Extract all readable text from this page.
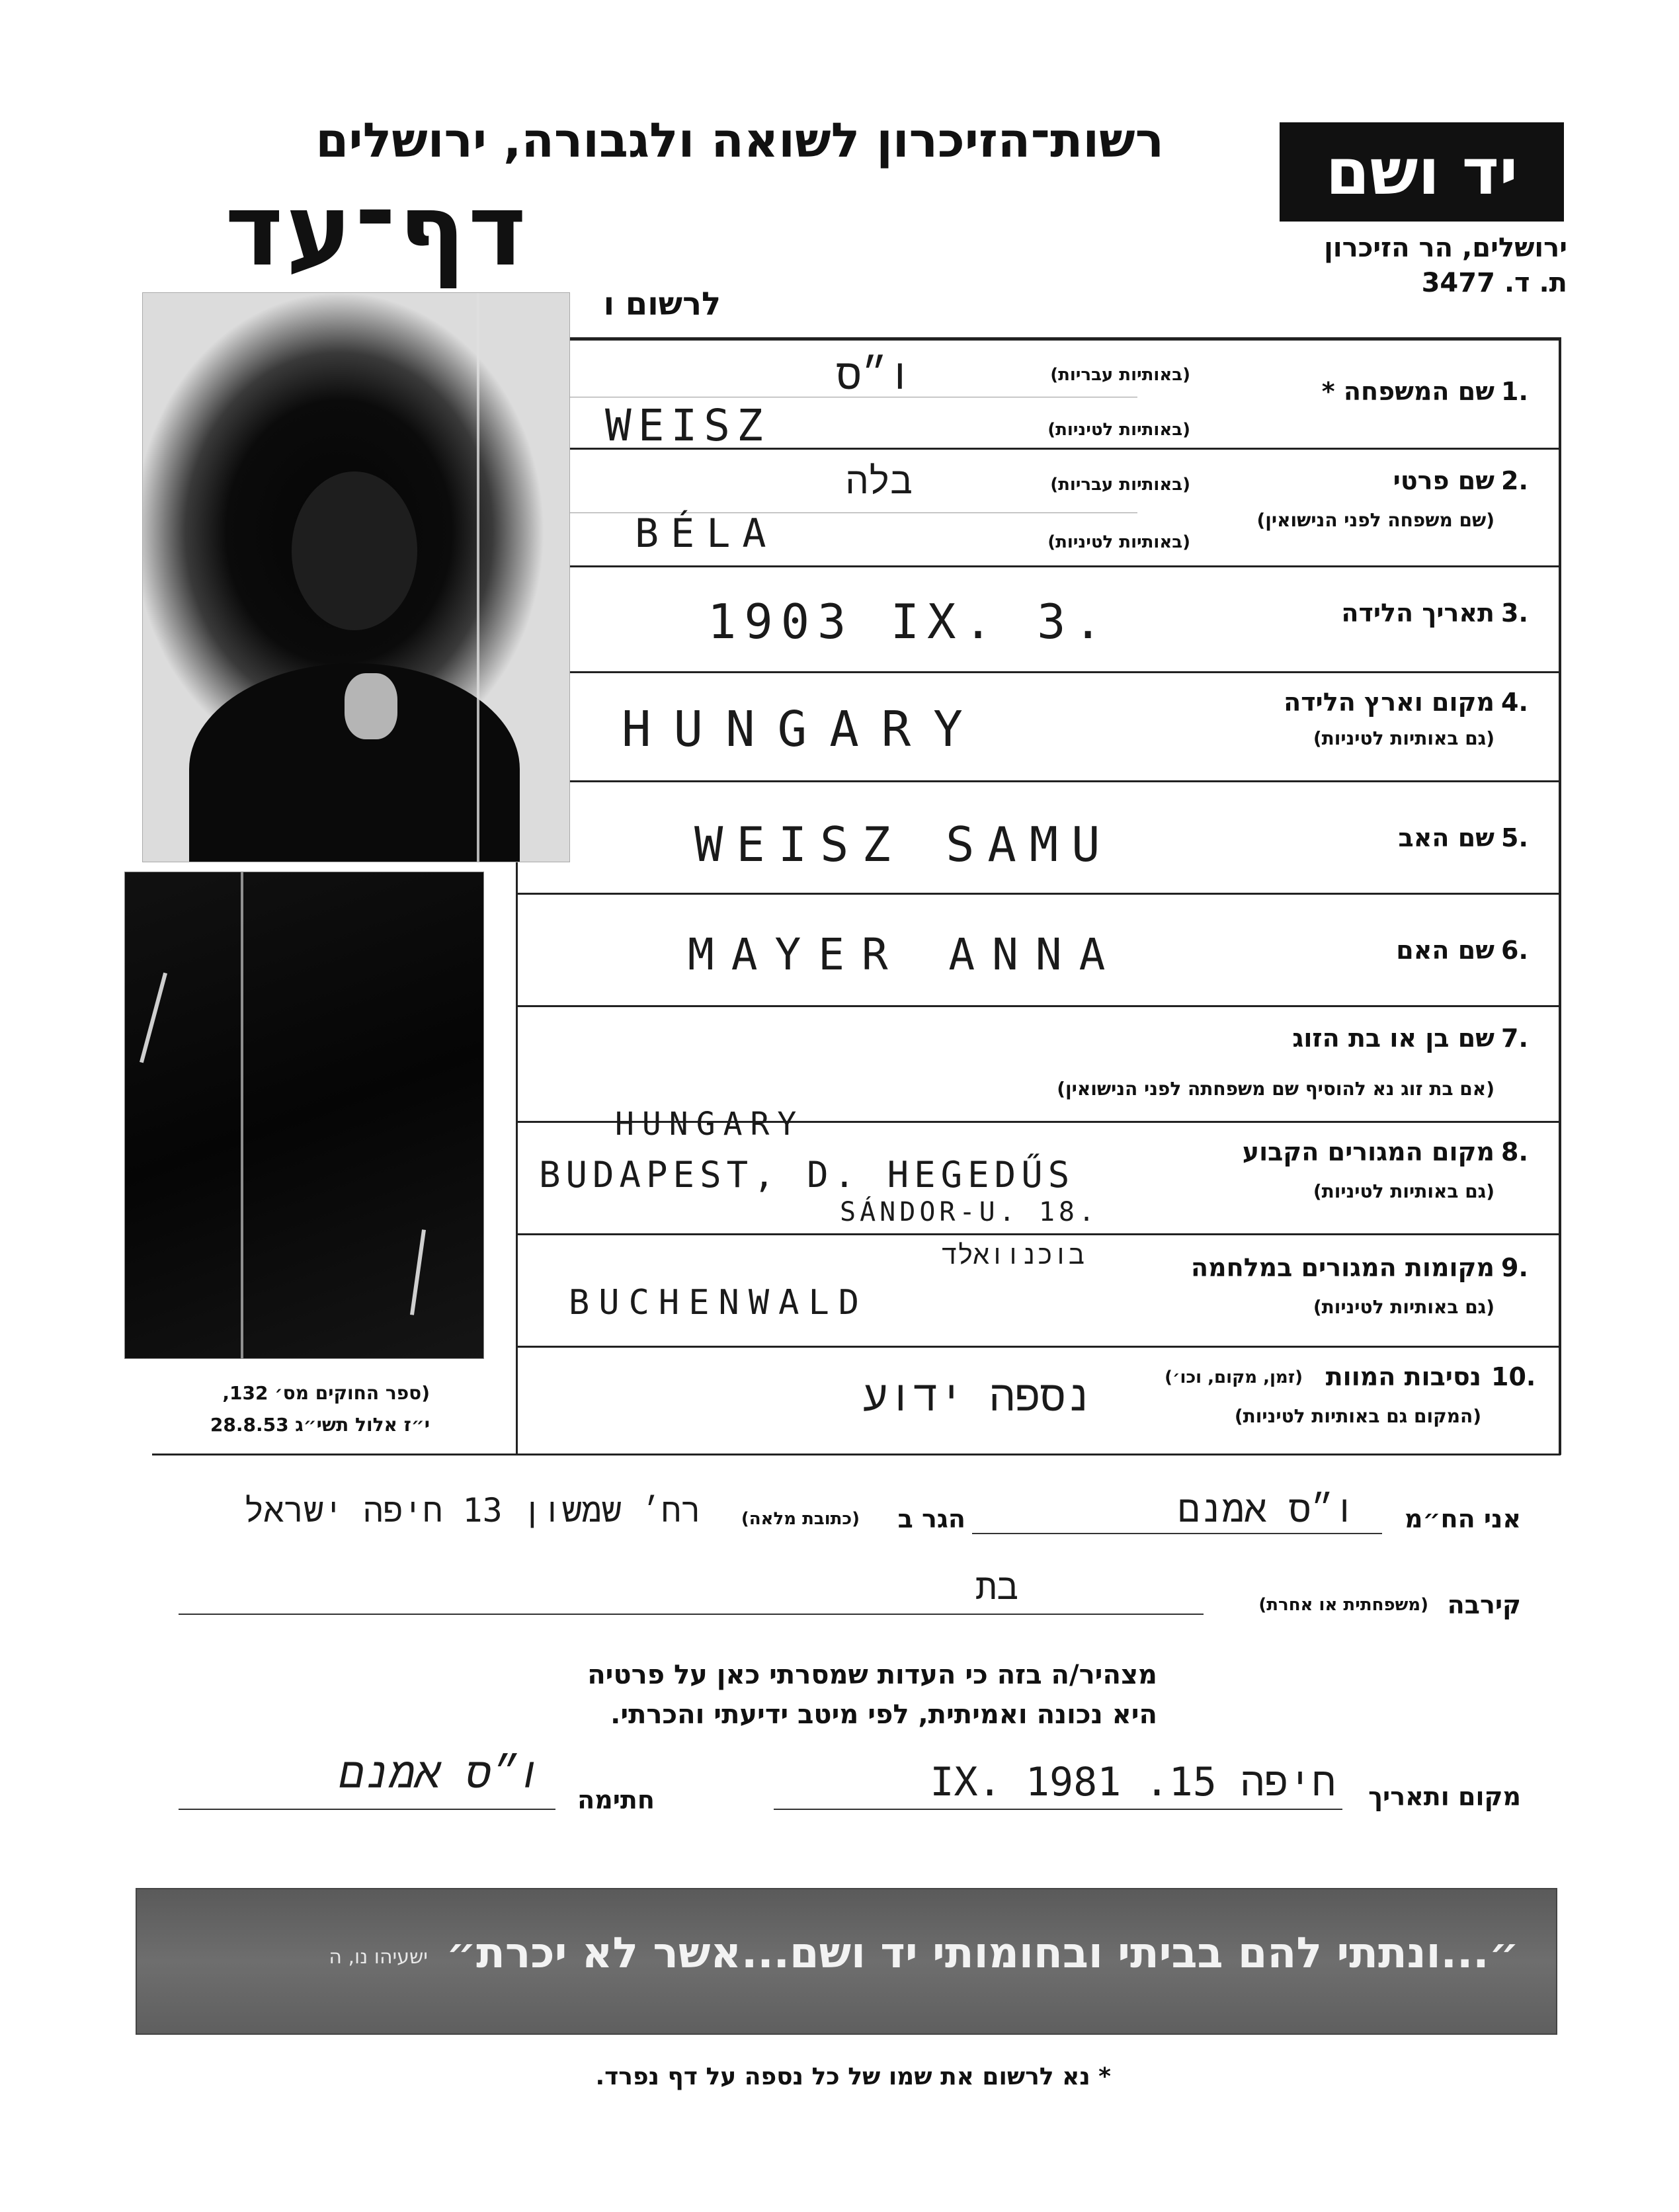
רשות־הזיכרון לשואה ולגבורה, ירושלים
דף־עד
לרשום ו
יד ושם
ירושלים, הר הזיכרון
ת. ד. 3477
1.
שם המשפחה *
(באותיות עבריות)
(באותיות לטיניות)
ו״ס
WEISZ
2.
שם פרטי
(שם משפחה לפני הנישואין)
(באותיות עבריות)
(באותיות לטיניות)
בלה
BÉLA
3.
תאריך הלידה
1903 IX. 3.
4.
מקום וארץ הלידה
(גם באותיות לטיניות)
HUNGARY
5.
שם האב
WEISZ SAMU
6.
שם האם
MAYER ANNA
7.
שם בן או בת הזוג
(אם בת זוג נא להוסיף שם משפחתה לפני הנישואין)
8.
מקום המגורים הקבוע
(גם באותיות לטיניות)
HUNGARY
BUDAPEST, D. HEGEDŰS
SÁNDOR-U. 18.
9.
מקומות המגורים במלחמה
(גם באותיות לטיניות)
בוכנוואלד
BUCHENWALD
10.
נסיבות המוות
(זמן, מקום, וכו׳)
(המקום גם באותיות לטיניות)
נספה ידוע
(ספר החוקים מס׳ 132,
י״ז אלול תשי״ג 28.8.53
אני הח״מ
ו״ס אמנם
הגר ב
(כתובת מלאה)
רח׳ שמשון 13 חיפה ישראל
קירבה
(משפחתית או אחרת)
בת
מצהיר/ה בזה כי העדות שמסרתי כאן על פרטיה
היא נכונה ואמיתית, לפי מיטב ידיעתי והכרתי.
מקום ותאריך
חיפה 15. IX. 1981
חתימה
ו״ס אמנם
״...ונתתי להם בביתי ובחומותי יד ושם...אשר לא יכרת״
ישעיהו נו, ה
* נא לרשום את שמו של כל נספה על דף נפרד.
